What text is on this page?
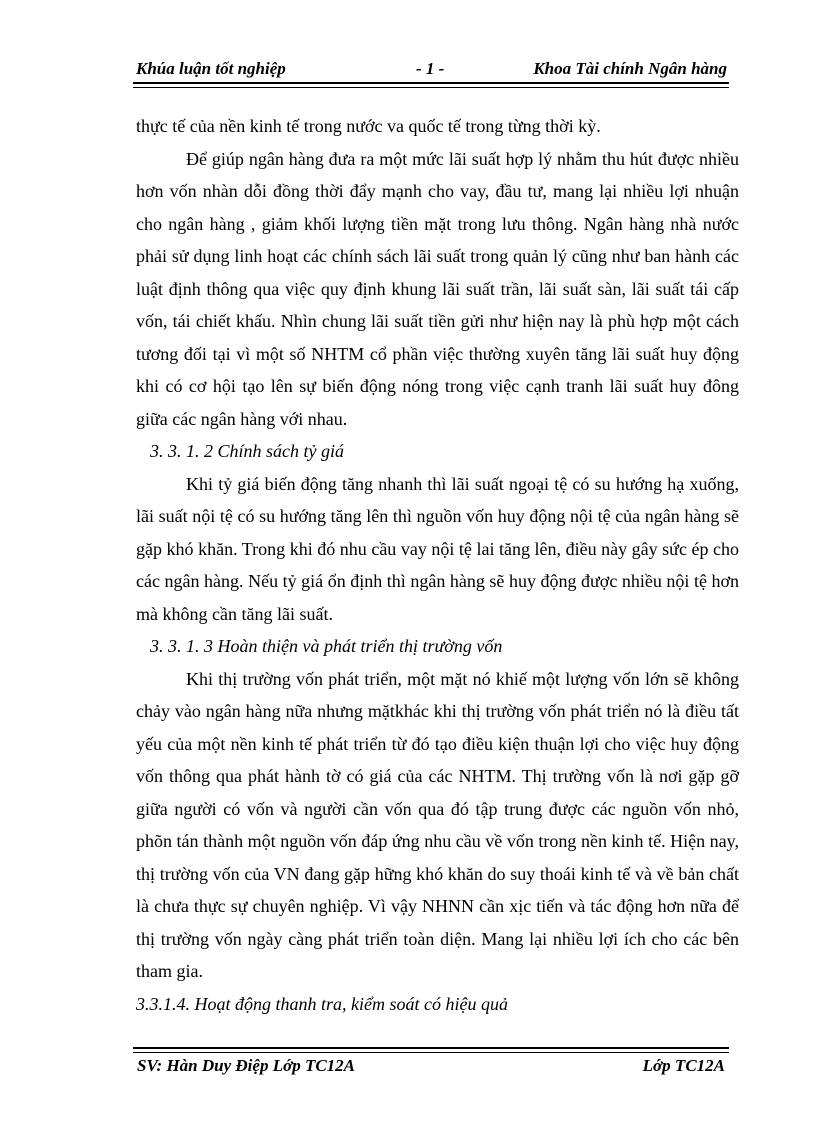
Khúa luận tốt nghiệp	- 1 -	Khoa Tài chính Ngân hàng

thực tế của nền kinh tế trong nước va quốc tế trong từng thời kỳ.

Để giúp ngân hàng đưa ra một mức lãi suất hợp lý nhằm thu hút được nhiều hơn vốn nhàn dỗi đồng thời đẩy mạnh cho vay, đầu tư, mang lại nhiều lợi nhuận cho ngân hàng , giảm khối lượng tiền mặt trong lưu thông. Ngân hàng nhà nước phải sử dụng linh hoạt các chính sách lãi suất trong quản lý cũng như ban hành các luật định thông qua việc quy định khung lãi suất trần, lãi suất sàn, lãi suất tái cấp vốn, tái chiết khấu. Nhìn chung lãi suất tiền gửi như hiện nay là phù hợp một cách tương đối tại vì một số NHTM cổ phần việc thường xuyên tăng lãi suất huy động khi có cơ hội tạo lên sự biến động nóng trong việc cạnh tranh lãi suất huy đông giữa các ngân hàng với nhau.

3. 3. 1. 2 Chính sách tỷ giá

Khi tỷ giá biến động tăng nhanh thì lãi suất ngoại tệ có su hướng hạ xuống, lãi suất nội tệ có su hướng tăng lên thì nguồn vốn huy động nội tệ của ngân hàng sẽ gặp khó khăn. Trong khi đó nhu cầu vay nội tệ lai tăng lên, điều này gây sức ép cho các ngân hàng. Nếu tỷ giá ổn định thì ngân hàng sẽ huy động được nhiều nội tệ hơn mà không cần tăng lãi suất.

3. 3. 1. 3 Hoàn thiện và phát triển thị trường vốn

Khi thị trường vốn phát triển, một mặt nó khiế một lượng vốn lớn sẽ không chảy vào ngân hàng nữa nhưng mặtkhác khi thị trường vốn phát triển nó là điều tất yếu của một nền kinh tế phát triển từ đó tạo điều kiện thuận lợi cho việc huy động vốn thông qua phát hành tờ có giá của các NHTM. Thị trường vốn là nơi gặp gỡ giữa người có vốn và người cần vốn qua đó tập trung được các nguồn vốn nhỏ, phõn tán thành một nguồn vốn đáp ứng nhu cầu về vốn trong nền kinh tế. Hiện nay, thị trường vốn của VN đang gặp hững khó khăn do suy thoái kinh tế và về bản chất là chưa thực sự chuyên nghiệp. Vì vậy NHNN cần xịc tiến và tác động hơn nữa để thị trường vốn ngày càng phát triển toàn diện. Mang lại nhiều lợi ích cho các bên tham gia.

3.3.1.4. Hoạt động thanh tra, kiểm soát có hiệu quả

SV: Hàn Duy Điệp Lớp TC12A	Lớp TC12A
